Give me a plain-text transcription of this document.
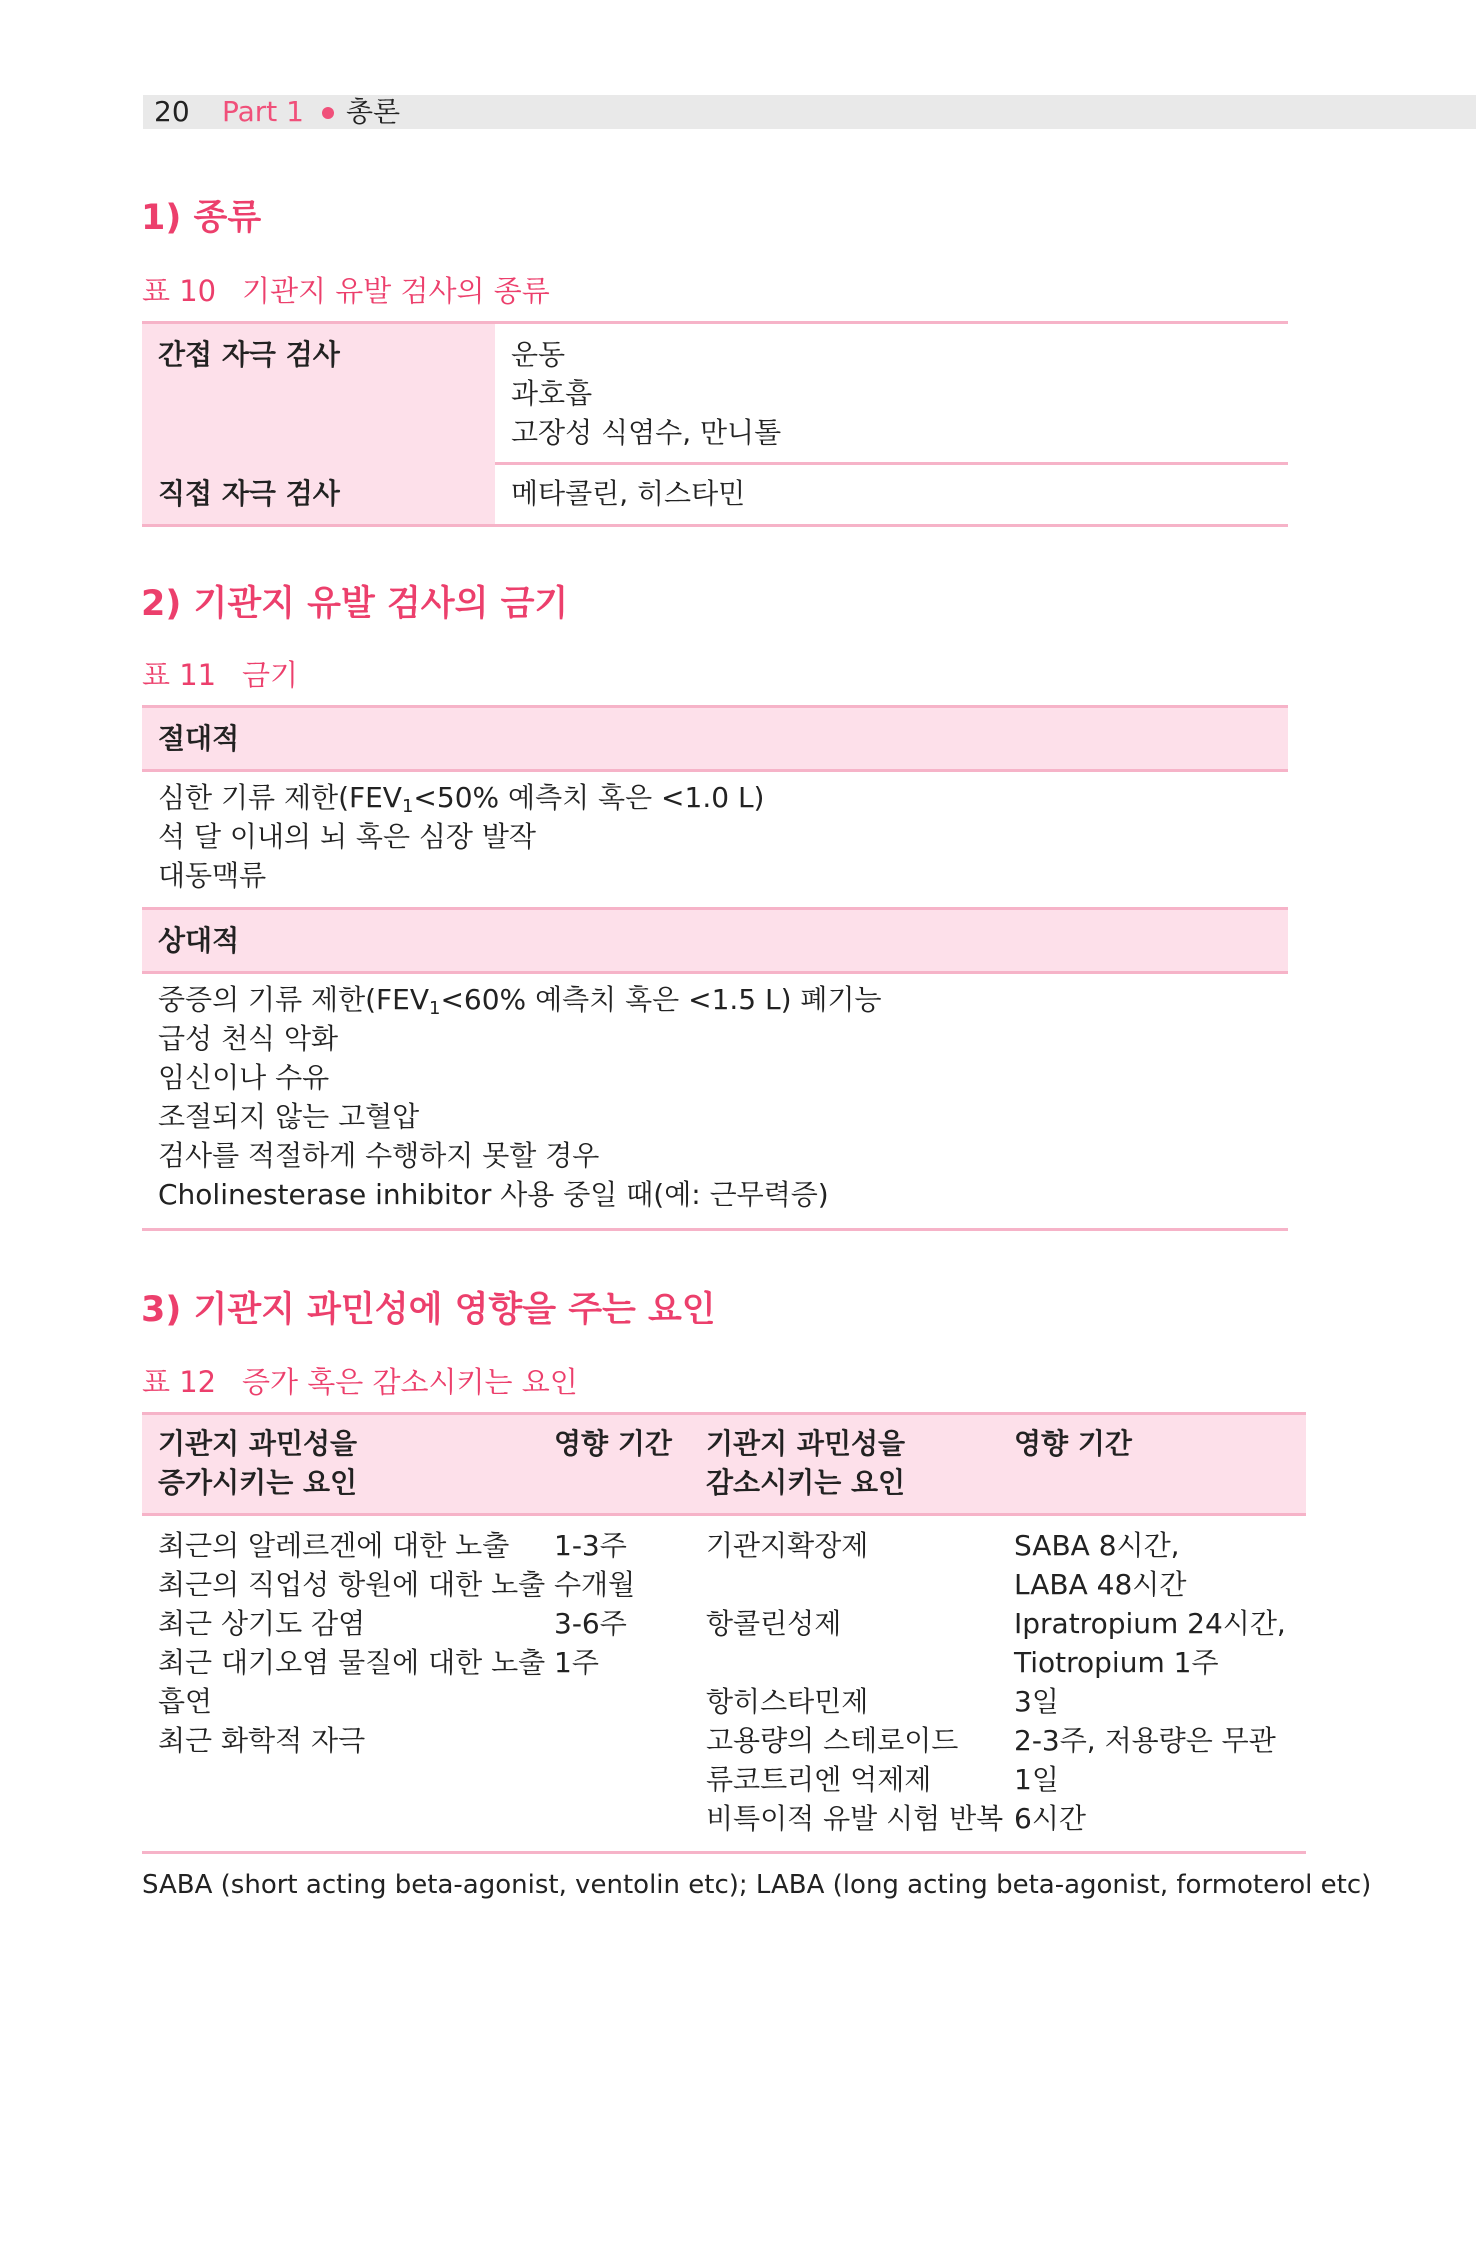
20 Part 1 총론
1) 종류
표 10 기관지 유발 검사의 종류
간접 자극 검사	운동
과호흡
고장성 식염수, 만니톨
직접 자극 검사	메타콜린, 히스타민
2) 기관지 유발 검사의 금기
표 11 금기
절대적
심한 기류 제한($FEV_1<50\%$ 예측치 혹은 <1.0 L)
석 달 이내의 뇌 혹은 심장 발작
대동맥류
상대적
중증의 기류 제한($FEV_1<60\%$ 예측치 혹은 <1.5 L) 폐기능
급성 천식 악화
임신이나 수유
조절되지 않는 고혈압
검사를 적절하게 수행하지 못할 경우
Cholinesterase inhibitor 사용 중일 때(예: 근무력증)
3) 기관지 과민성에 영향을 주는 요인
표 12 증가 혹은 감소시키는 요인
기관지 과민성을
증가시키는 요인
영향 기간 기관지 과민성을
감소시키는 요인
영향 기간
최근의 알레르겐에 대한 노출
최근의 직업성 항원에 대한 노출
최근 상기도 감염
최근 대기오염 물질에 대한 노출
흡연
최근 화학적 자극
1-3주
수개월
3-6주
1주
기관지확장제
항콜린성제
항히스타민제
고용량의 스테로이드
류코트리엔 억제제
비특이적 유발 시험 반복
SABA 8시간,
LABA 48시간
Ipratropium 24시간,
Tiotropium 1주
3일
2-3주, 저용량은 무관
1일
6시간
SABA (short acting beta-agonist, ventolin etc); LABA (long acting beta-agonist, formoterol etc)
